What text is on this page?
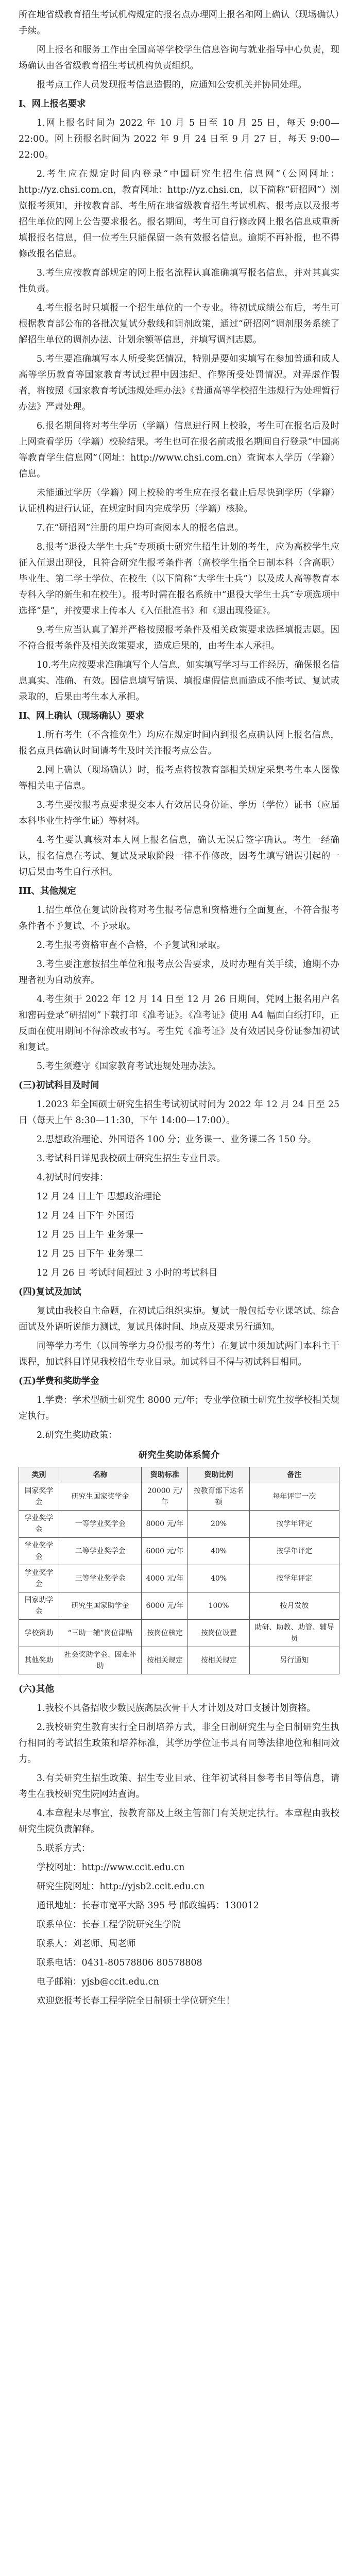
所在地省级教育招生考试机构规定的报名点办理网上报名和网上确认（现场确认）手续。

网上报名和服务工作由全国高等学校学生信息咨询与就业指导中心负责，现场确认由各省级教育招生考试机构负责组织。

报考点工作人员发现报考信息造假的，应通知公安机关并协同处理。

I、网上报名要求

1.网上报名时间为 2022 年 10 月 5 日至 10 月 25 日，每天 9:00—22:00。网上预报名时间为 2022 年 9 月 24 日至 9 月 27 日，每天 9:00—22:00。

2.考生应在规定时间内登录“中国研究生招生信息网”（公网网址：http://yz.chsi.com.cn，教育网址：http://yz.chsi.cn，以下简称“研招网”）浏览报考须知，并按教育部、考生所在地省级教育招生考试机构、报考点以及报考招生单位的网上公告要求报名。报名期间，考生可自行修改网上报名信息或重新填报报名信息，但一位考生只能保留一条有效报名信息。逾期不再补报，也不得修改报名信息。

3.考生应按教育部规定的网上报名流程认真准确填写报名信息，并对其真实性负责。

4.考生报名时只填报一个招生单位的一个专业。待初试成绩公布后，考生可根据教育部公布的各批次复试分数线和调剂政策，通过“研招网”调剂服务系统了解招生单位的调剂办法、计划余额等信息，并填写调剂志愿。

5.考生要准确填写本人所受奖惩情况，特别是要如实填写在参加普通和成人高等学历教育等国家教育考试过程中因违纪、作弊所受处罚情况。对弄虚作假者，将按照《国家教育考试违规处理办法》《普通高等学校招生违规行为处理暂行办法》严肃处理。

6.报名期间将对考生学历（学籍）信息进行网上校验，考生可在报名后及时上网查看学历（学籍）校验结果。考生也可在报名前或报名期间自行登录“中国高等教育学生信息网”（网址：http://www.chsi.com.cn）查询本人学历（学籍）信息。

未能通过学历（学籍）网上校验的考生应在报名截止后尽快到学历（学籍）认证机构进行认证，在规定时间内完成学历（学籍）核验。

7.在“研招网”注册的用户均可查阅本人的报名信息。

8.报考“退役大学生士兵”专项硕士研究生招生计划的考生，应为高校学生应征入伍退出现役，且符合研究生报考条件者（高校学生指全日制本科（含高职）毕业生、第二学士学位、在校生（以下简称“大学生士兵”）以及成人高等教育本专科入学的新生和在校生）。报考时需在报名系统中“退役大学生士兵”专项选项中选择“是”，并按要求上传本人《入伍批准书》和《退出现役证》。

9.考生应当认真了解并严格按照报考条件及相关政策要求选择填报志愿。因不符合报考条件及相关政策要求，造成后果的，由考生本人承担。

10.考生应按要求准确填写个人信息，如实填写学习与工作经历，确保报名信息真实、准确、有效。因信息填写错误、填报虚假信息而造成不能考试、复试或录取的，后果由考生本人承担。

II、网上确认（现场确认）要求

1.所有考生（不含推免生）均应在规定时间内到报名点确认网上报名信息，报名点具体确认时间请考生及时关注报考点公告。

2.网上确认（现场确认）时，报考点将按教育部相关规定采集考生本人图像等相关电子信息。

3.考生要按报考点要求提交本人有效居民身份证、学历（学位）证书（应届本科毕业生持学生证）等材料。

4.考生要认真核对本人网上报名信息，确认无误后签字确认。考生一经确认，报名信息在考试、复试及录取阶段一律不作修改，因考生填写错误引起的一切后果由考生自行承担。

III、其他规定

1.招生单位在复试阶段将对考生报考信息和资格进行全面复查，不符合报考条件者不予复试、不予录取。

2.考生报考资格审查不合格，不予复试和录取。

3.考生要注意按招生单位和报考点公告要求，及时办理有关手续，逾期不办理者视为自动放弃。

4.考生须于 2022 年 12 月 14 日至 12 月 26 日期间，凭网上报名用户名和密码登录“研招网”下载打印《准考证》。《准考证》使用 A4 幅面白纸打印，正反面在使用期间不得涂改或书写。考生凭《准考证》及有效居民身份证参加初试和复试。

5.考生须遵守《国家教育考试违规处理办法》。

(三)初试科目及时间

1.2023 年全国硕士研究生招生考试初试时间为 2022 年 12 月 24 日至 25 日（每天上午 8:30—11:30，下午 14:00—17:00）。

2.思想政治理论、外国语各 100 分；业务课一、业务课二各 150 分。

3.考试科目详见我校硕士研究生招生专业目录。

4.初试时间安排：

12 月 24 日上午 思想政治理论

12 月 24 日下午 外国语

12 月 25 日上午 业务课一

12 月 25 日下午 业务课二

12 月 26 日 考试时间超过 3 小时的考试科目

(四)复试及加试

复试由我校自主命题，在初试后组织实施。复试一般包括专业课笔试、综合面试及外语听说能力测试，复试具体时间、地点及要求另行通知。

同等学力考生（以同等学力身份报考的考生）在复试中须加试两门本科主干课程，加试科目详见我校招生专业目录。加试科目不得与初试科目相同。

(五)学费和奖助学金

1.学费：学术型硕士研究生 8000 元/年；专业学位硕士研究生按学校相关规定执行。

2.研究生奖助政策：

研究生奖助体系简介

类别	名称	资助标准	资助比例	备注
国家奖学金	研究生国家奖学金	20000 元/年	按教育部下达名额	每年评审一次
学业奖学金	一等学业奖学金	8000 元/年	20%	按学年评定
学业奖学金	二等学业奖学金	6000 元/年	40%	按学年评定
学业奖学金	三等学业奖学金	4000 元/年	40%	按学年评定
国家助学金	研究生国家助学金	6000 元/年	100%	按月发放
学校资助	“三助一辅”岗位津贴	按岗位核定	按岗位设置	助研、助教、助管、辅导员
其他奖助	社会奖助学金、困难补助	按相关规定	按相关规定	另行通知

(六)其他

1.我校不具备招收少数民族高层次骨干人才计划及对口支援计划资格。

2.我校研究生教育实行全日制培养方式，非全日制研究生与全日制研究生执行相同的考试招生政策和培养标准，其学历学位证书具有同等法律地位和相同效力。

3.有关研究生招生政策、招生专业目录、往年初试科目参考书目等信息，请考生在我校研究生院网站查询。

4.本章程未尽事宜，按教育部及上级主管部门有关规定执行。本章程由我校研究生院负责解释。

5.联系方式：

学校网址：http://www.ccit.edu.cn

研究生院网址：http://yjsb2.ccit.edu.cn

通讯地址：长春市宽平大路 395 号 邮政编码：130012

联系单位：长春工程学院研究生学院

联系人：刘老师、周老师

联系电话：0431-80578806 80578808

电子邮箱：yjsb@ccit.edu.cn

欢迎您报考长春工程学院全日制硕士学位研究生！
